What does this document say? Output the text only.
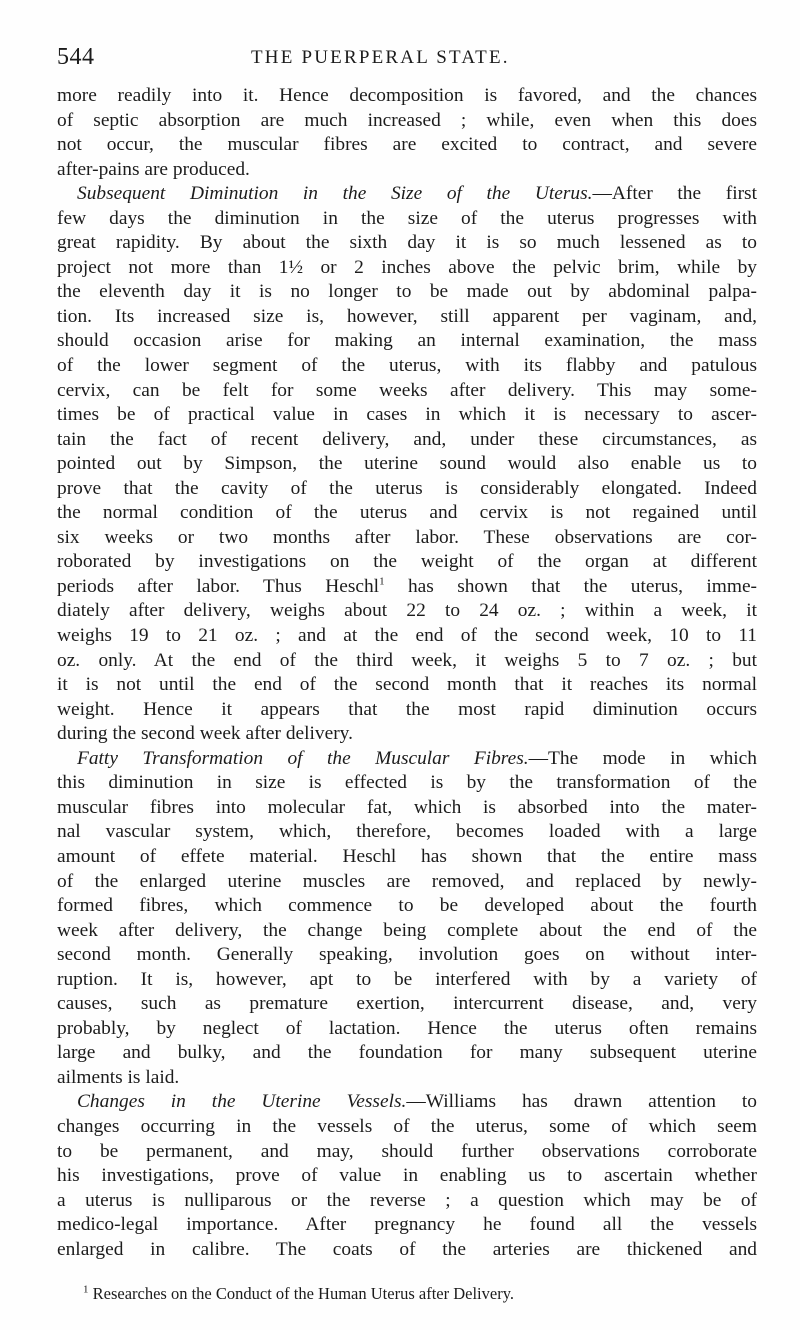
544	THE PUERPERAL STATE.
more readily into it. Hence decomposition is favored, and the chances
of septic absorption are much increased ; while, even when this does
not occur, the muscular fibres are excited to contract, and severe
after-pains are produced.
Subsequent Diminution in the Size of the Uterus.—After the first
few days the diminution in the size of the uterus progresses with
great rapidity. By about the sixth day it is so much lessened as to
project not more than 1½ or 2 inches above the pelvic brim, while by
the eleventh day it is no longer to be made out by abdominal palpa-
tion. Its increased size is, however, still apparent per vaginam, and,
should occasion arise for making an internal examination, the mass
of the lower segment of the uterus, with its flabby and patulous
cervix, can be felt for some weeks after delivery. This may some-
times be of practical value in cases in which it is necessary to ascer-
tain the fact of recent delivery, and, under these circumstances, as
pointed out by Simpson, the uterine sound would also enable us to
prove that the cavity of the uterus is considerably elongated. Indeed
the normal condition of the uterus and cervix is not regained until
six weeks or two months after labor. These observations are cor-
roborated by investigations on the weight of the organ at different
periods after labor. Thus Heschl$^1$ has shown that the uterus, imme-
diately after delivery, weighs about 22 to 24 oz. ; within a week, it
weighs 19 to 21 oz. ; and at the end of the second week, 10 to 11
oz. only. At the end of the third week, it weighs 5 to 7 oz. ; but
it is not until the end of the second month that it reaches its normal
weight. Hence it appears that the most rapid diminution occurs
during the second week after delivery.
Fatty Transformation of the Muscular Fibres.—The mode in which
this diminution in size is effected is by the transformation of the
muscular fibres into molecular fat, which is absorbed into the mater-
nal vascular system, which, therefore, becomes loaded with a large
amount of effete material. Heschl has shown that the entire mass
of the enlarged uterine muscles are removed, and replaced by newly-
formed fibres, which commence to be developed about the fourth
week after delivery, the change being complete about the end of the
second month. Generally speaking, involution goes on without inter-
ruption. It is, however, apt to be interfered with by a variety of
causes, such as premature exertion, intercurrent disease, and, very
probably, by neglect of lactation. Hence the uterus often remains
large and bulky, and the foundation for many subsequent uterine
ailments is laid.
Changes in the Uterine Vessels.—Williams has drawn attention to
changes occurring in the vessels of the uterus, some of which seem
to be permanent, and may, should further observations corroborate
his investigations, prove of value in enabling us to ascertain whether
a uterus is nulliparous or the reverse ; a question which may be of
medico-legal importance. After pregnancy he found all the vessels
enlarged in calibre. The coats of the arteries are thickened and
$^1$ Researches on the Conduct of the Human Uterus after Delivery.
